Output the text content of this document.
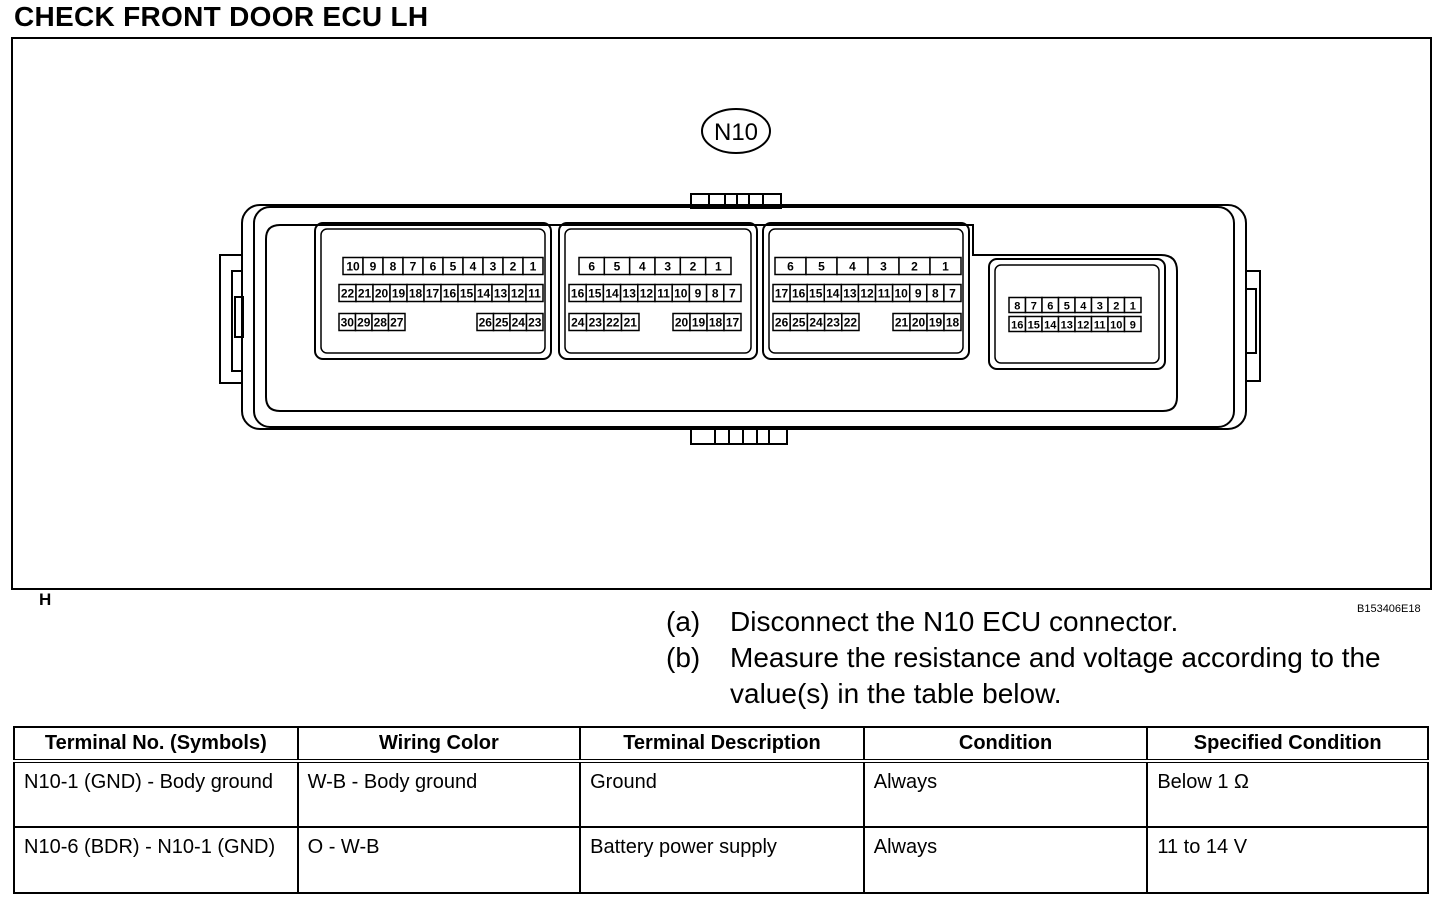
CHECK FRONT DOOR ECU LH
N10
10 9 8 7 6 5 4 3 2 1
22 21 20 19 18 17 16 15 14 13 12 11
30 29 28 27	26 25 24 23
6 5 4 3 2 1
16 15 14 13 12 11 10 9 8 7
24 23 22 21	20 19 18 17
6 5 4 3 2 1
17 16 15 14 13 12 11 10 9 8 7
26 25 24 23 22	21 20 19 18
8 7 6 5 4 3 2 1
16 15 14 13 12 11 10 9
H	B153406E18
(a)	Disconnect the N10 ECU connector.
(b)	Measure the resistance and voltage according to the value(s) in the table below.
Terminal No. (Symbols)	Wiring Color	Terminal Description	Condition	Specified Condition
N10-1 (GND) - Body ground	W-B - Body ground	Ground	Always	Below 1 Ω
N10-6 (BDR) - N10-1 (GND)	O - W-B	Battery power supply	Always	11 to 14 V
